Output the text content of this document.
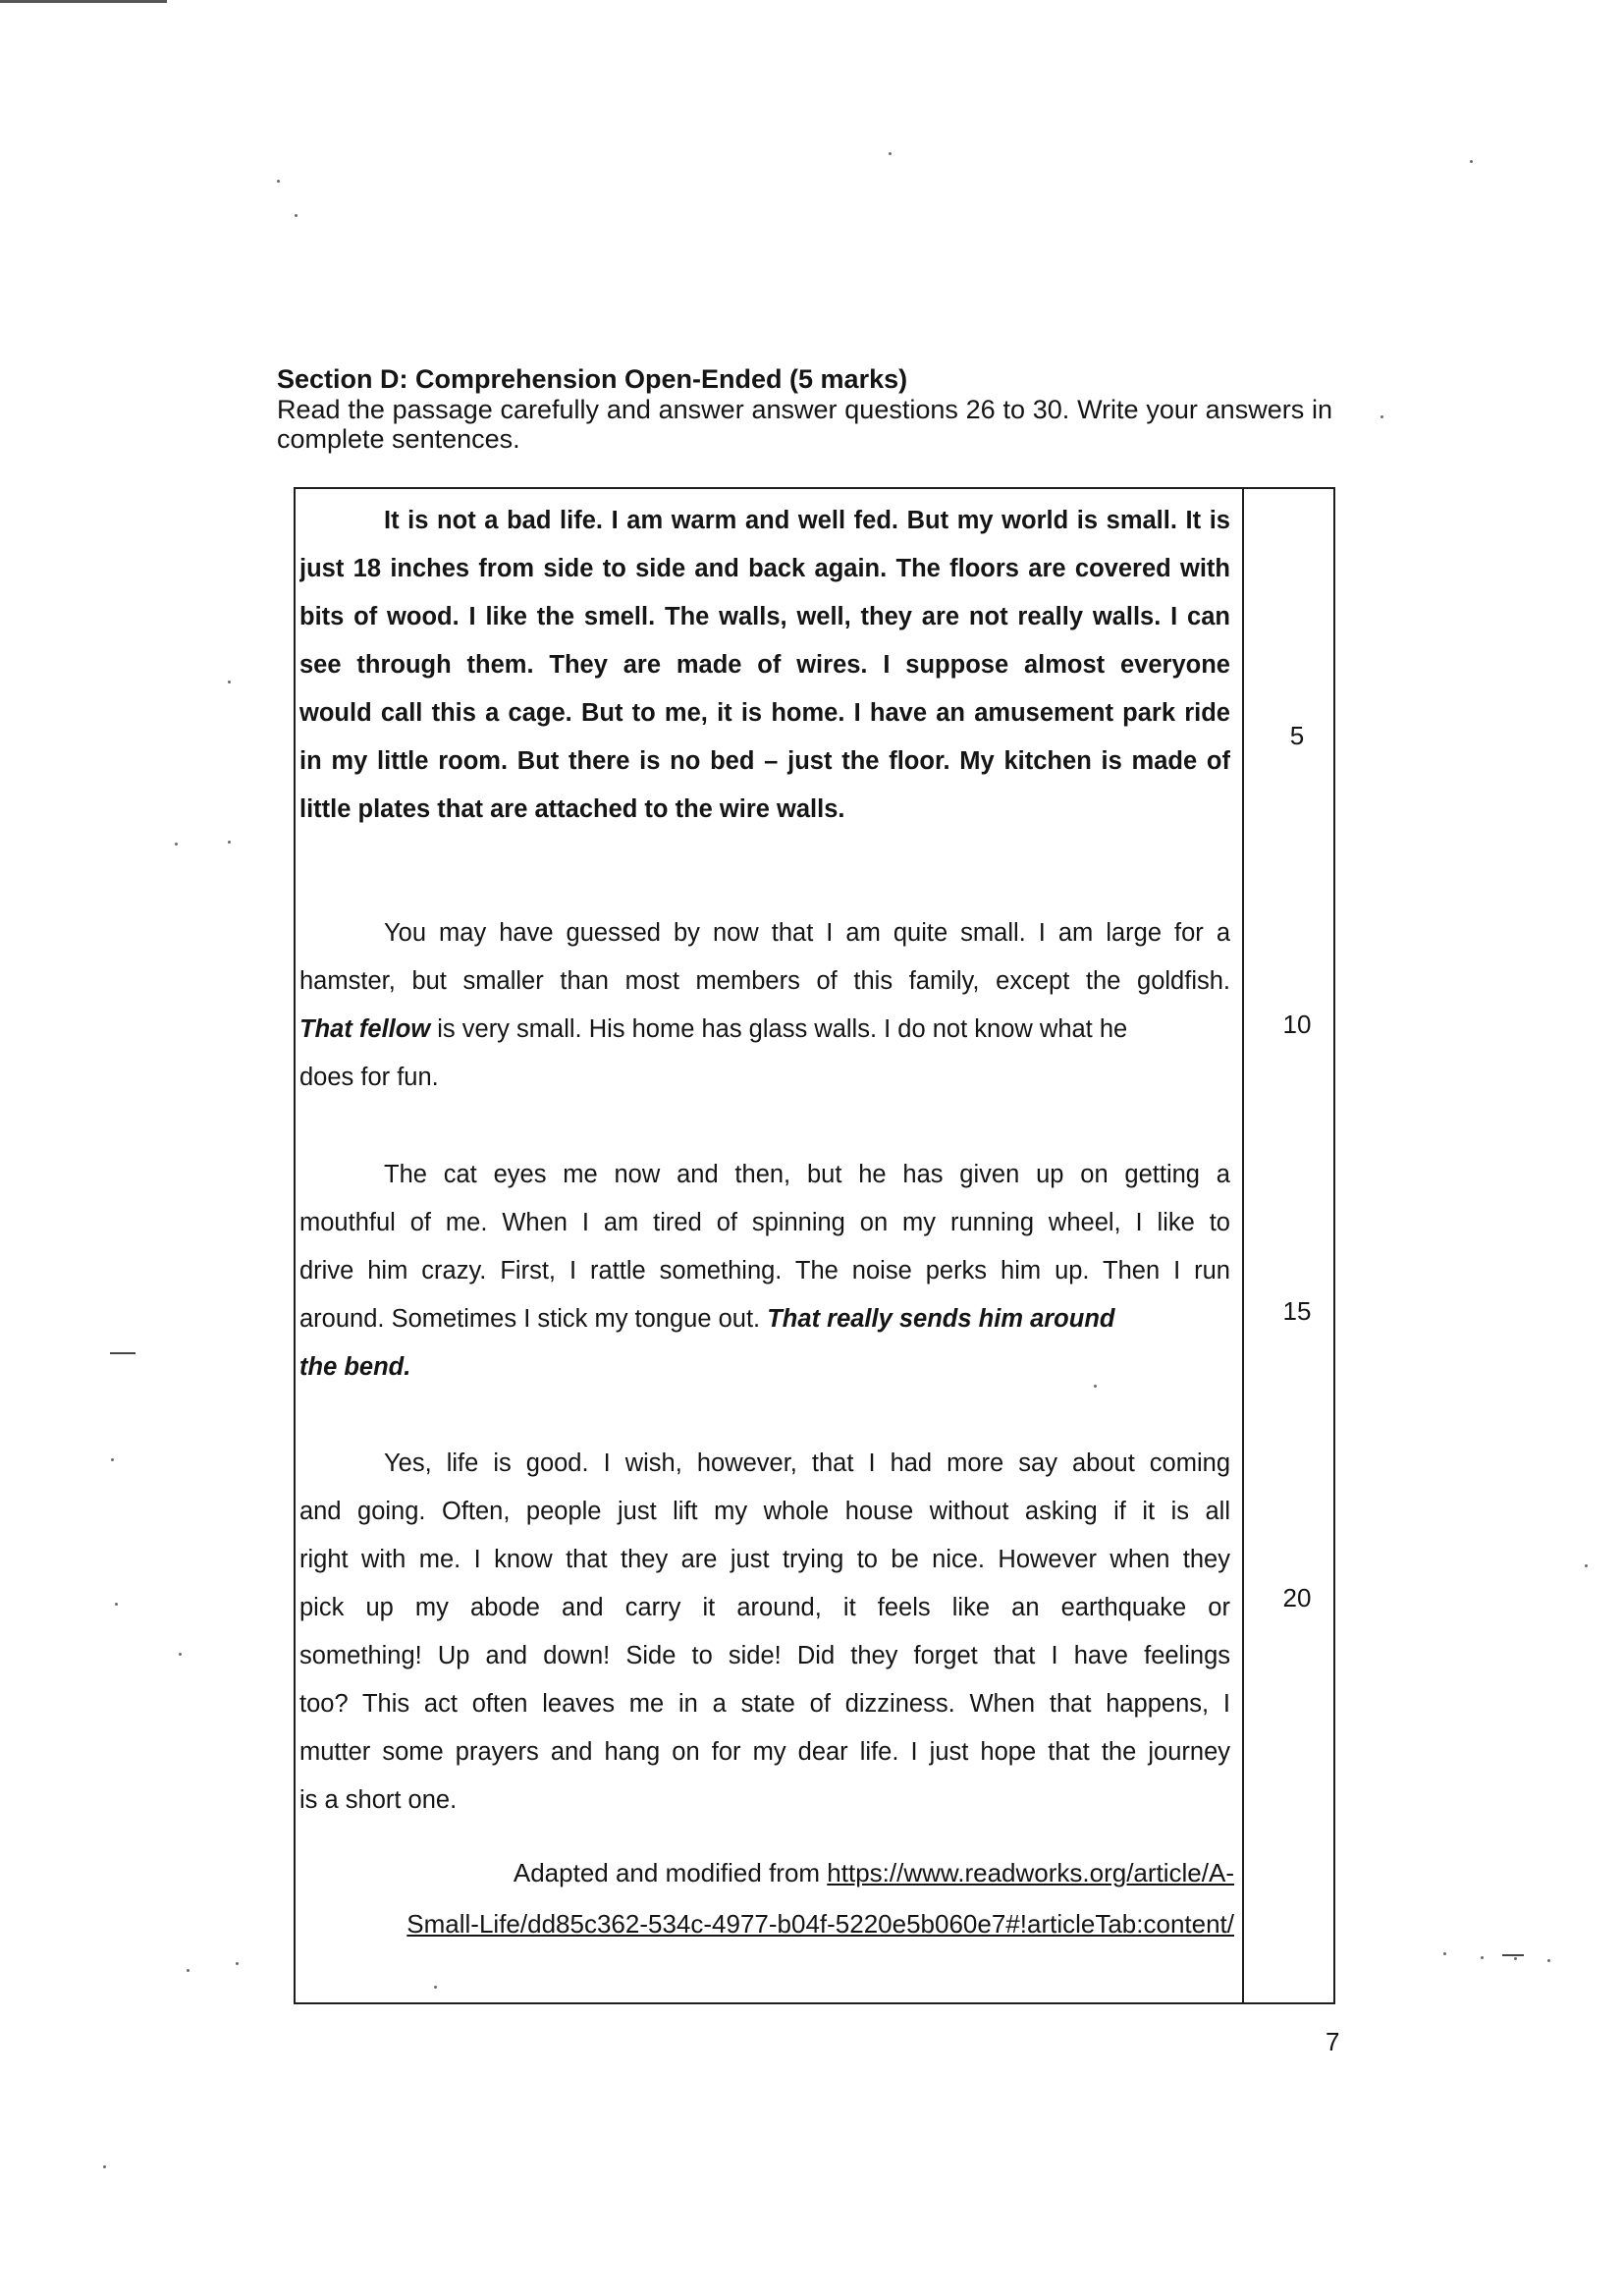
Section D: Comprehension Open-Ended (5 marks)

Read the passage carefully and answer answer questions 26 to 30. Write your answers in complete sentences.

It is not a bad life. I am warm and well fed. But my world is small. It is
just 18 inches from side to side and back again. The floors are covered with
bits of wood. I like the smell. The walls, well, they are not really walls. I can
see through them. They are made of wires. I suppose almost everyone
would call this a cage. But to me, it is home. I have an amusement park ride
in my little room. But there is no bed – just the floor. My kitchen is made of
little plates that are attached to the wire walls.
You may have guessed by now that I am quite small. I am large for a
hamster, but smaller than most members of this family, except the goldfish.
That fellow is very small. His home has glass walls. I do not know what he
does for fun.
The cat eyes me now and then, but he has given up on getting a
mouthful of me. When I am tired of spinning on my running wheel, I like to
drive him crazy. First, I rattle something. The noise perks him up. Then I run
around. Sometimes I stick my tongue out. That really sends him around
the bend.
Yes, life is good. I wish, however, that I had more say about coming
and going. Often, people just lift my whole house without asking if it is all
right with me. I know that they are just trying to be nice. However when they
pick up my abode and carry it around, it feels like an earthquake or
something! Up and down! Side to side! Did they forget that I have feelings
too? This act often leaves me in a state of dizziness. When that happens, I
mutter some prayers and hang on for my dear life. I just hope that the journey
is a short one.
5
10
15
20
Adapted and modified from https://www.readworks.org/article/A-
Small-Life/dd85c362-534c-4977-b04f-5220e5b060e7#!articleTab:content/
7
